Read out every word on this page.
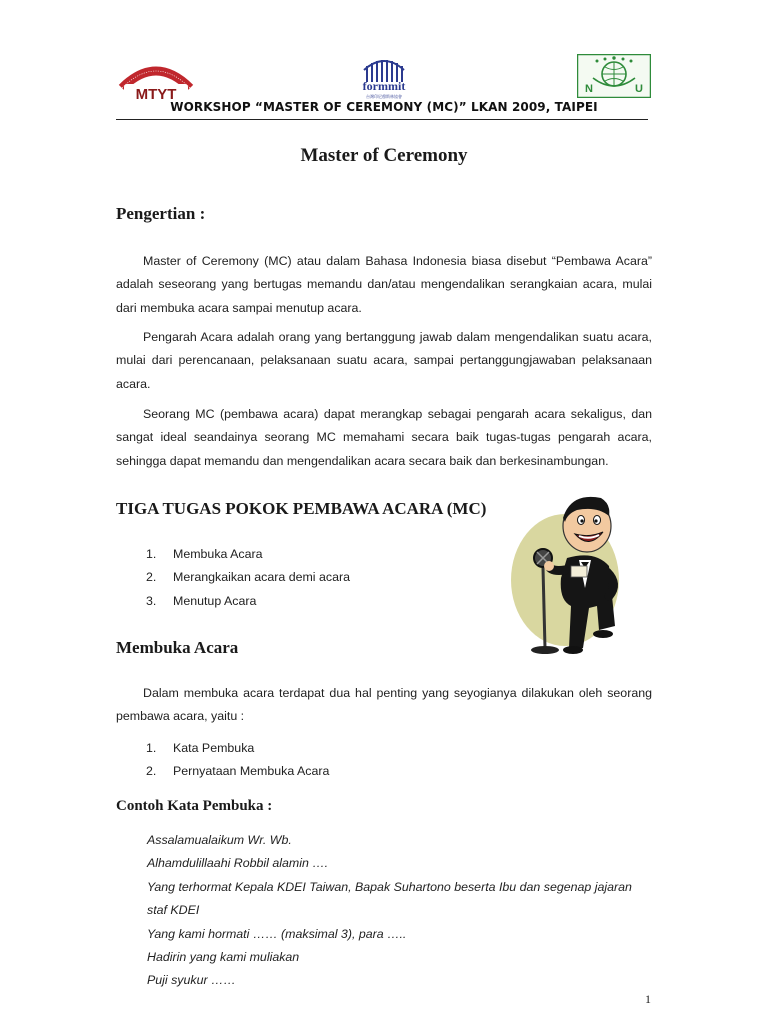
MTYT	formmit
台灣印尼穆斯林協會
N	U
WORKSHOP “MASTER OF CEREMONY (MC)” LKAN 2009, TAIPEI
Master of Ceremony
Pengertian :
Master of Ceremony (MC) atau dalam Bahasa Indonesia biasa disebut “Pembawa Acara” adalah seseorang yang bertugas memandu dan/atau mengendalikan serangkaian acara, mulai dari membuka acara sampai menutup acara.
Pengarah Acara adalah orang yang bertanggung jawab dalam mengendalikan suatu acara, mulai dari perencanaan, pelaksanaan suatu acara, sampai pertanggungjawaban pelaksanaan acara.
Seorang MC (pembawa acara) dapat merangkap sebagai pengarah acara sekaligus, dan sangat ideal seandainya seorang MC memahami secara baik tugas-tugas pengarah acara, sehingga dapat memandu dan mengendalikan acara secara baik dan berkesinambungan.
TIGA TUGAS POKOK PEMBAWA ACARA (MC)
1. Membuka Acara
2. Merangkaikan acara demi acara
3. Menutup Acara
Membuka Acara
Dalam membuka acara terdapat dua hal penting yang seyogianya dilakukan oleh seorang pembawa acara, yaitu :
1. Kata Pembuka
2. Pernyataan Membuka Acara
Contoh Kata Pembuka :
Assalamualaikum Wr. Wb.
Alhamdulillaahi Robbil alamin ….
Yang terhormat Kepala KDEI Taiwan, Bapak Suhartono beserta Ibu dan segenap jajaran
staf KDEI
Yang kami hormati …… (maksimal 3), para …..
Hadirin yang kami muliakan
Puji syukur ……
1
